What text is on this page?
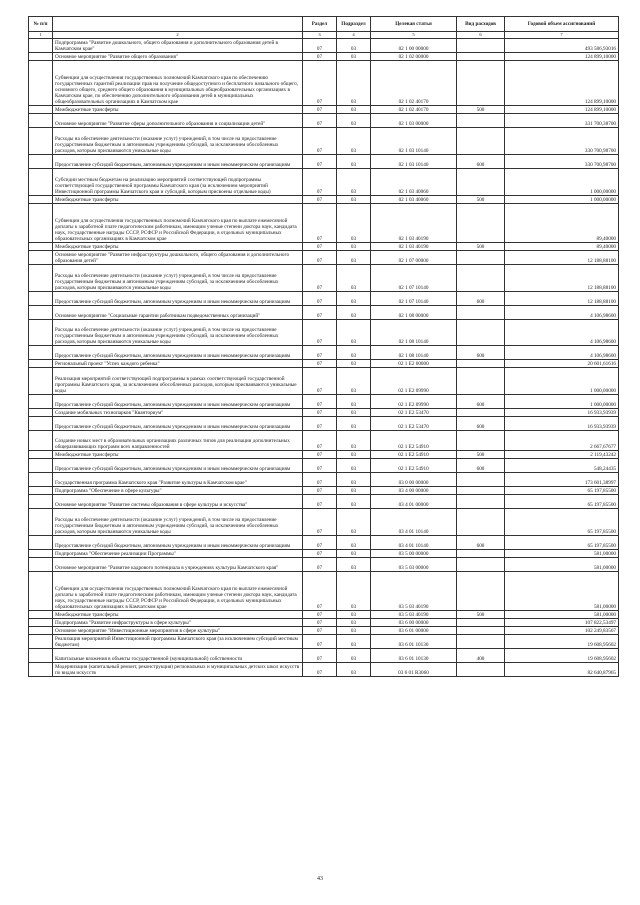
№ п/п		Раздел	Подраздел	Целевая статья	Вид расходов	Годовой объем ассигнований
1	2	3	4	5	6	7
	Подпрограмма "Развитие дошкольного, общего образования и дополнительного образования детей в Камчатском крае"	07	03	02 1 00 00000		493 586,93016
	Основное мероприятие "Развитие общего образования"	07	03	02 1 02 00000		124 899,10000
	Субвенции для осуществления государственных полномочий Камчатского края по обеспечению государственных гарантий реализации прав на получение общедоступного и бесплатного начального общего, основного общего, среднего общего образования в муниципальных общеобразовательных организациях в Камчатском крае, по обеспечению дополнительного образования детей в муниципальных общеобразовательных организациях в Камчатском крае	07	03	02 1 02 40170		124 899,10000
	Межбюджетные трансферты	07	03	02 1 02 40170	500	124 899,10000
	Основное мероприятие "Развитие сферы дополнительного образования и социализации детей"	07	03	02 1 03 00000		331 700,38700
	Расходы на обеспечение деятельности (оказание услуг) учреждений, в том числе на предоставление государственным бюджетным и автономным учреждениям субсидий, за исключением обособленных расходов, которым присваиваются уникальные коды	07	03	02 1 03 10140		330 700,98700
	Предоставление субсидий бюджетным, автономным учреждениям и иным некоммерческим организациям	07	03	02 1 03 10140	600	330 700,98700
	Субсидии местным бюджетам на реализацию мероприятий соответствующей подпрограммы соответствующей государственной программы Камчатского края (за исключением мероприятий Инвестиционной программы Камчатского края и субсидий, которым присвоены отдельные коды)	07	03	02 1 03 40060		1 000,00000
	Межбюджетные трансферты	07	03	02 1 03 40060	500	1 000,00000
	Субвенции для осуществления государственных полномочий Камчатского края по выплате ежемесячной доплаты к заработной плате педагогическим работникам, имеющим ученые степени доктора наук, кандидата наук, государственные награды СССР, РСФСР и Российской Федерации, в отдельных муниципальных образовательных организациях в Камчатском крае	07	03	02 1 03 40190		89,40000
	Межбюджетные трансферты	07	03	02 1 03 40190	500	89,40000
	Основное мероприятие "Развитие инфраструктуры дошкольного, общего образования и дополнительного образования детей"	07	03	02 1 07 00000		12 188,88100
	Расходы на обеспечение деятельности (оказание услуг) учреждений, в том числе на предоставление государственным бюджетным и автономным учреждениям субсидий, за исключением обособленных расходов, которым присваиваются уникальные коды	07	03	02 1 07 10140		12 188,88100
	Предоставление субсидий бюджетным, автономным учреждениям и иным некоммерческим организациям	07	03	02 1 07 10140	600	12 188,88100
	Основное мероприятие "Социальные гарантии работникам подведомственных организаций"	07	03	02 1 08 00000		4 106,98600
	Расходы на обеспечение деятельности (оказание услуг) учреждений, в том числе на предоставление государственным бюджетным и автономным учреждениям субсидий, за исключением обособленных расходов, которым присваиваются уникальные коды	07	03	02 1 08 10140		4 106,98600
	Предоставление субсидий бюджетным, автономным учреждениям и иным некоммерческим организациям	07	03	02 1 08 10140	600	4 106,98600
	Региональный проект "Успех каждого ребенка"	07	03	02 1 E2 00000		20 601,61616
	Реализация мероприятий соответствующей подпрограммы в рамках соответствующей государственной программы Камчатского края, за исключением обособленных расходов, которым присваиваются уникальные коды	07	03	02 1 E2 09990		1 000,00000
	Предоставление субсидий бюджетным, автономным учреждениям и иным некоммерческим организациям	07	03	02 1 E2 09990	600	1 000,00000
	Создание мобильных технопарков "Кванториум"	07	03	02 1 E2 53470		16 933,93939
	Предоставление субсидий бюджетным, автономным учреждениям и иным некоммерческим организациям	07	03	02 1 E2 53470	600	16 933,93939
	Создание новых мест в образовательных организациях различных типов для реализации дополнительных общеразвивающих программ всех направленностей	07	03	02 1 E2 54910		2 667,67677
	Межбюджетные трансферты	07	03	02 1 E2 54910	500	2 119,43242
	Предоставление субсидий бюджетным, автономным учреждениям и иным некоммерческим организациям	07	03	02 1 E2 54910	600	548,24435
	Государственная программа Камчатского края "Развитие культуры в Камчатском крае"	07	03	03 0 00 00000		173 601,38997
	Подпрограмма "Обеспечение в сфере культуры"	07	03	03 4 00 00000		65 197,85500
	Основное мероприятие "Развитие системы образования в сфере культуры и искусства"	07	03	03 4 01 00000		65 197,85500
	Расходы на обеспечение деятельности (оказание услуг) учреждений, в том числе на предоставление государственным бюджетным и автономным учреждениям субсидий, за исключением обособленных расходов, которым присваиваются уникальные коды	07	03	03 4 01 10140		65 197,85500
	Предоставление субсидий бюджетным, автономным учреждениям и иным некоммерческим организациям	07	03	03 4 01 10140	600	65 197,85500
	Подпрограмма "Обеспечение реализации Программы"	07	03	03 5 00 00000		581,00000
	Основное мероприятие "Развитие кадрового потенциала в учреждениях культуры Камчатского края"	07	03	03 5 03 00000		581,00000
	Субвенции для осуществления государственных полномочий Камчатского края по выплате ежемесячной доплаты к заработной плате педагогическим работникам, имеющим ученые степени доктора наук, кандидата наук, государственные награды СССР, РСФСР и Российской Федерации, в отдельных муниципальных образовательных организациях в Камчатском крае	07	03	03 5 03 40190		581,00000
	Межбюджетные трансферты	07	03	03 5 03 40190	500	581,00000
	Подпрограмма "Развитие инфраструктуры в сфере культуры"	07	03	03 6 00 00000		107 822,53497
	Основное мероприятие "Инвестиционные мероприятия в сфере культуры"	07	03	03 6 01 00000		102 249,83567
	Реализация мероприятий Инвестиционной программы Камчатского края (за исключением субсидий местным бюджетам)	07	03	03 6 01 10130		19 608,95602
	Капитальные вложения в объекты государственной (муниципальной) собственности	07	03	03 6 01 10130	400	19 608,95602
	Модернизация (капитальный ремонт, реконструкция) региональных и муниципальных детских школ искусств по видам искусств	07	03	03 6 01 R3060		82 640,87965
43
